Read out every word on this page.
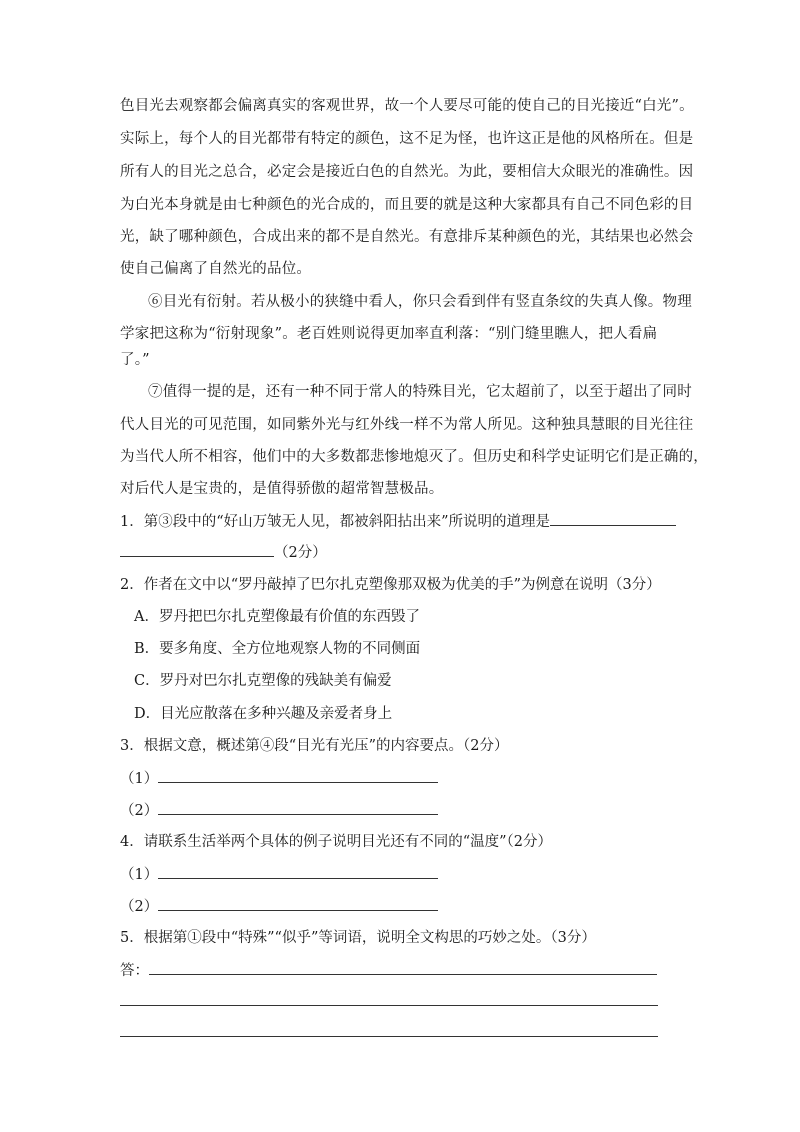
色目光去观察都会偏离真实的客观世界，故一个人要尽可能的使自己的目光接近“白光”。
实际上，每个人的目光都带有特定的颜色，这不足为怪，也许这正是他的风格所在。但是
所有人的目光之总合，必定会是接近白色的自然光。为此，要相信大众眼光的准确性。因
为白光本身就是由七种颜色的光合成的，而且要的就是这种大家都具有自己不同色彩的目
光，缺了哪种颜色，合成出来的都不是自然光。有意排斥某种颜色的光，其结果也必然会
使自己偏离了自然光的品位。
⑥目光有衍射。若从极小的狭缝中看人，你只会看到伴有竖直条纹的失真人像。物理
学家把这称为“衍射现象”。老百姓则说得更加率直利落：“别门缝里瞧人，把人看扁
了。”
⑦值得一提的是，还有一种不同于常人的特殊目光，它太超前了，以至于超出了同时
代人目光的可见范围，如同紫外光与红外线一样不为常人所见。这种独具慧眼的目光往往
为当代人所不相容，他们中的大多数都悲惨地熄灭了。但历史和科学史证明它们是正确的，
对后代人是宝贵的，是值得骄傲的超常智慧极品。
1．第③段中的“好山万皱无人见，都被斜阳拈出来”所说明的道理是
（2分）
2．作者在文中以“罗丹敲掉了巴尔扎克塑像那双极为优美的手”为例意在说明（3分）
A．罗丹把巴尔扎克塑像最有价值的东西毁了
B．要多角度、全方位地观察人物的不同侧面
C．罗丹对巴尔扎克塑像的残缺美有偏爱
D．目光应散落在多种兴趣及亲爱者身上
3．根据文意，概述第④段“目光有光压”的内容要点。（2分）
（1）
（2）
4．请联系生活举两个具体的例子说明目光还有不同的“温度”（2分）
（1）
（2）
5．根据第①段中“特殊”“似乎”等词语，说明全文构思的巧妙之处。（3分）
答：
